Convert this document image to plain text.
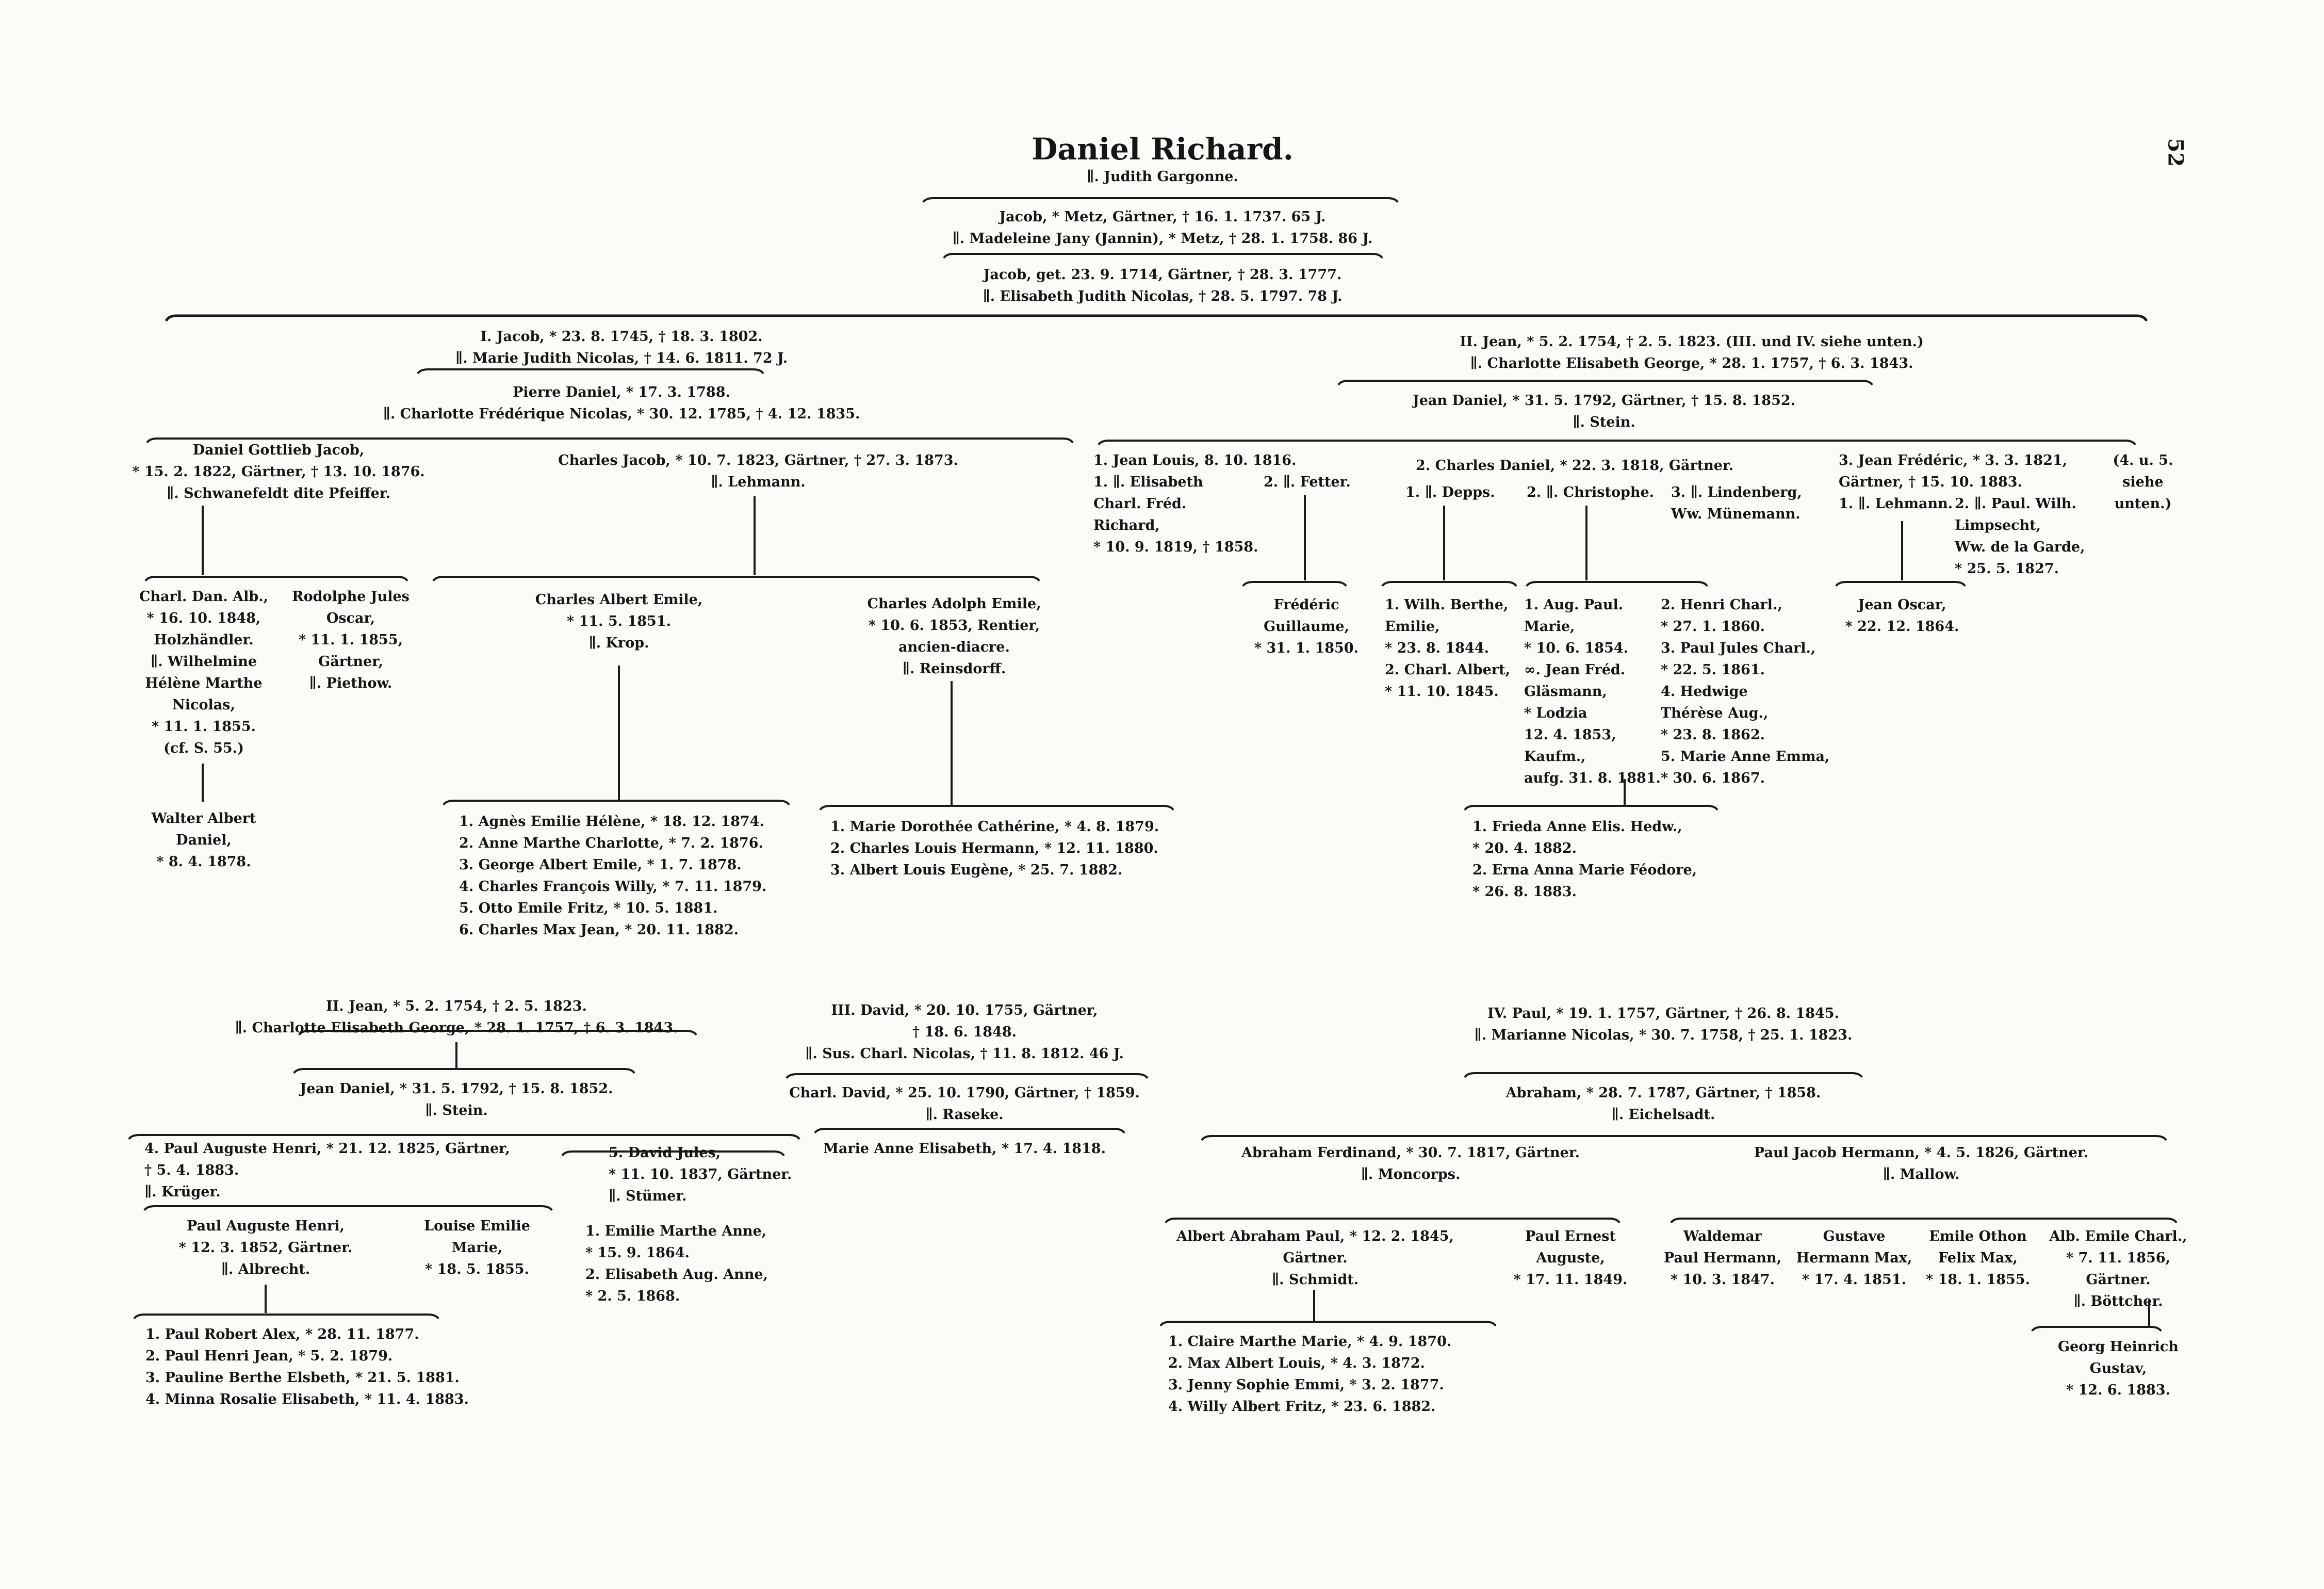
Daniel Richard.	52
∥. Judith Gargonne.
Jacob, * Metz, Gärtner, † 16. 1. 1737. 65 J.
∥. Madeleine Jany (Jannin), * Metz, † 28. 1. 1758. 86 J.
Jacob, get. 23. 9. 1714, Gärtner, † 28. 3. 1777.
∥. Elisabeth Judith Nicolas, † 28. 5. 1797. 78 J.
I. Jacob, * 23. 8. 1745, † 18. 3. 1802.
∥. Marie Judith Nicolas, † 14. 6. 1811. 72 J.
Pierre Daniel, * 17. 3. 1788.
∥. Charlotte Frédérique Nicolas, * 30. 12. 1785, † 4. 12. 1835.
Daniel Gottlieb Jacob,
* 15. 2. 1822, Gärtner, † 13. 10. 1876.
∥. Schwanefeldt dite Pfeiffer.
Charles Jacob, * 10. 7. 1823, Gärtner, † 27. 3. 1873.
∥. Lehmann.
Charl. Dan. Alb.,
* 16. 10. 1848,
Holzhändler.
∥. Wilhelmine
Hélène Marthe
Nicolas,
* 11. 1. 1855.
(cf. S. 55.)
Rodolphe Jules
Oscar,
* 11. 1. 1855,
Gärtner,
∥. Piethow.
Walter Albert
Daniel,
* 8. 4. 1878.
Charles Albert Emile,
* 11. 5. 1851.
∥. Krop.
Charles Adolph Emile,
* 10. 6. 1853, Rentier,
ancien-diacre.
∥. Reinsdorff.
1. Agnès Emilie Hélène, * 18. 12. 1874.
2. Anne Marthe Charlotte, * 7. 2. 1876.
3. George Albert Emile, * 1. 7. 1878.
4. Charles François Willy, * 7. 11. 1879.
5. Otto Emile Fritz, * 10. 5. 1881.
6. Charles Max Jean, * 20. 11. 1882.
1. Marie Dorothée Cathérine, * 4. 8. 1879.
2. Charles Louis Hermann, * 12. 11. 1880.
3. Albert Louis Eugène, * 25. 7. 1882.
II. Jean, * 5. 2. 1754, † 2. 5. 1823. (III. und IV. siehe unten.)
∥. Charlotte Elisabeth George, * 28. 1. 1757, † 6. 3. 1843.
Jean Daniel, * 31. 5. 1792, Gärtner, † 15. 8. 1852.
∥. Stein.
1. Jean Louis, 8. 10. 1816.
1. ∥. Elisabeth
Charl. Fréd.
Richard,
* 10. 9. 1819, † 1858.
2. ∥. Fetter.
Frédéric
Guillaume,
* 31. 1. 1850.
2. Charles Daniel, * 22. 3. 1818, Gärtner.
1. ∥. Depps. 2. ∥. Christophe. 3. ∥. Lindenberg,
Ww. Münemann.
1. Wilh. Berthe,
Emilie,
* 23. 8. 1844.
2. Charl. Albert,
* 11. 10. 1845.
1. Aug. Paul.
Marie,
* 10. 6. 1854.
∞. Jean Fréd.
Gläsmann,
* Lodzia
12. 4. 1853,
Kaufm.,
aufg. 31. 8. 1881.
2. Henri Charl.,
* 27. 1. 1860.
3. Paul Jules Charl.,
* 22. 5. 1861.
4. Hedwige
Thérèse Aug.,
* 23. 8. 1862.
5. Marie Anne Emma,
* 30. 6. 1867.
1. Frieda Anne Elis. Hedw.,
* 20. 4. 1882.
2. Erna Anna Marie Féodore,
* 26. 8. 1883.
3. Jean Frédéric, * 3. 3. 1821,
Gärtner, † 15. 10. 1883.
1. ∥. Lehmann. 2. ∥. Paul. Wilh.
Limpsecht,
Ww. de la Garde,
* 25. 5. 1827.
Jean Oscar,
* 22. 12. 1864.
(4. u. 5.
siehe
unten.)
II. Jean, * 5. 2. 1754, † 2. 5. 1823.
∥. Charlotte Elisabeth George, * 28. 1. 1757, † 6. 3. 1843.
Jean Daniel, * 31. 5. 1792, † 15. 8. 1852.
∥. Stein.
4. Paul Auguste Henri, * 21. 12. 1825, Gärtner,
† 5. 4. 1883.
∥. Krüger.
5. David Jules,
* 11. 10. 1837, Gärtner.
∥. Stümer.
Paul Auguste Henri,
* 12. 3. 1852, Gärtner.
∥. Albrecht.
Louise Emilie
Marie,
* 18. 5. 1855.
1. Emilie Marthe Anne,
* 15. 9. 1864.
2. Elisabeth Aug. Anne,
* 2. 5. 1868.
1. Paul Robert Alex, * 28. 11. 1877.
2. Paul Henri Jean, * 5. 2. 1879.
3. Pauline Berthe Elsbeth, * 21. 5. 1881.
4. Minna Rosalie Elisabeth, * 11. 4. 1883.
III. David, * 20. 10. 1755, Gärtner,
† 18. 6. 1848.
∥. Sus. Charl. Nicolas, † 11. 8. 1812. 46 J.
Charl. David, * 25. 10. 1790, Gärtner, † 1859.
∥. Raseke.
Marie Anne Elisabeth, * 17. 4. 1818.
IV. Paul, * 19. 1. 1757, Gärtner, † 26. 8. 1845.
∥. Marianne Nicolas, * 30. 7. 1758, † 25. 1. 1823.
Abraham, * 28. 7. 1787, Gärtner, † 1858.
∥. Eichelsadt.
Abraham Ferdinand, * 30. 7. 1817, Gärtner.
∥. Moncorps.
Paul Jacob Hermann, * 4. 5. 1826, Gärtner.
∥. Mallow.
Albert Abraham Paul, * 12. 2. 1845,
Gärtner.
∥. Schmidt.
Paul Ernest
Auguste,
* 17. 11. 1849.
1. Claire Marthe Marie, * 4. 9. 1870.
2. Max Albert Louis, * 4. 3. 1872.
3. Jenny Sophie Emmi, * 3. 2. 1877.
4. Willy Albert Fritz, * 23. 6. 1882.
Waldemar
Paul Hermann,
* 10. 3. 1847.
Gustave
Hermann Max,
* 17. 4. 1851.
Emile Othon
Felix Max,
* 18. 1. 1855.
Alb. Emile Charl.,
* 7. 11. 1856,
Gärtner.
∥. Böttcher.
Georg Heinrich
Gustav,
* 12. 6. 1883.
